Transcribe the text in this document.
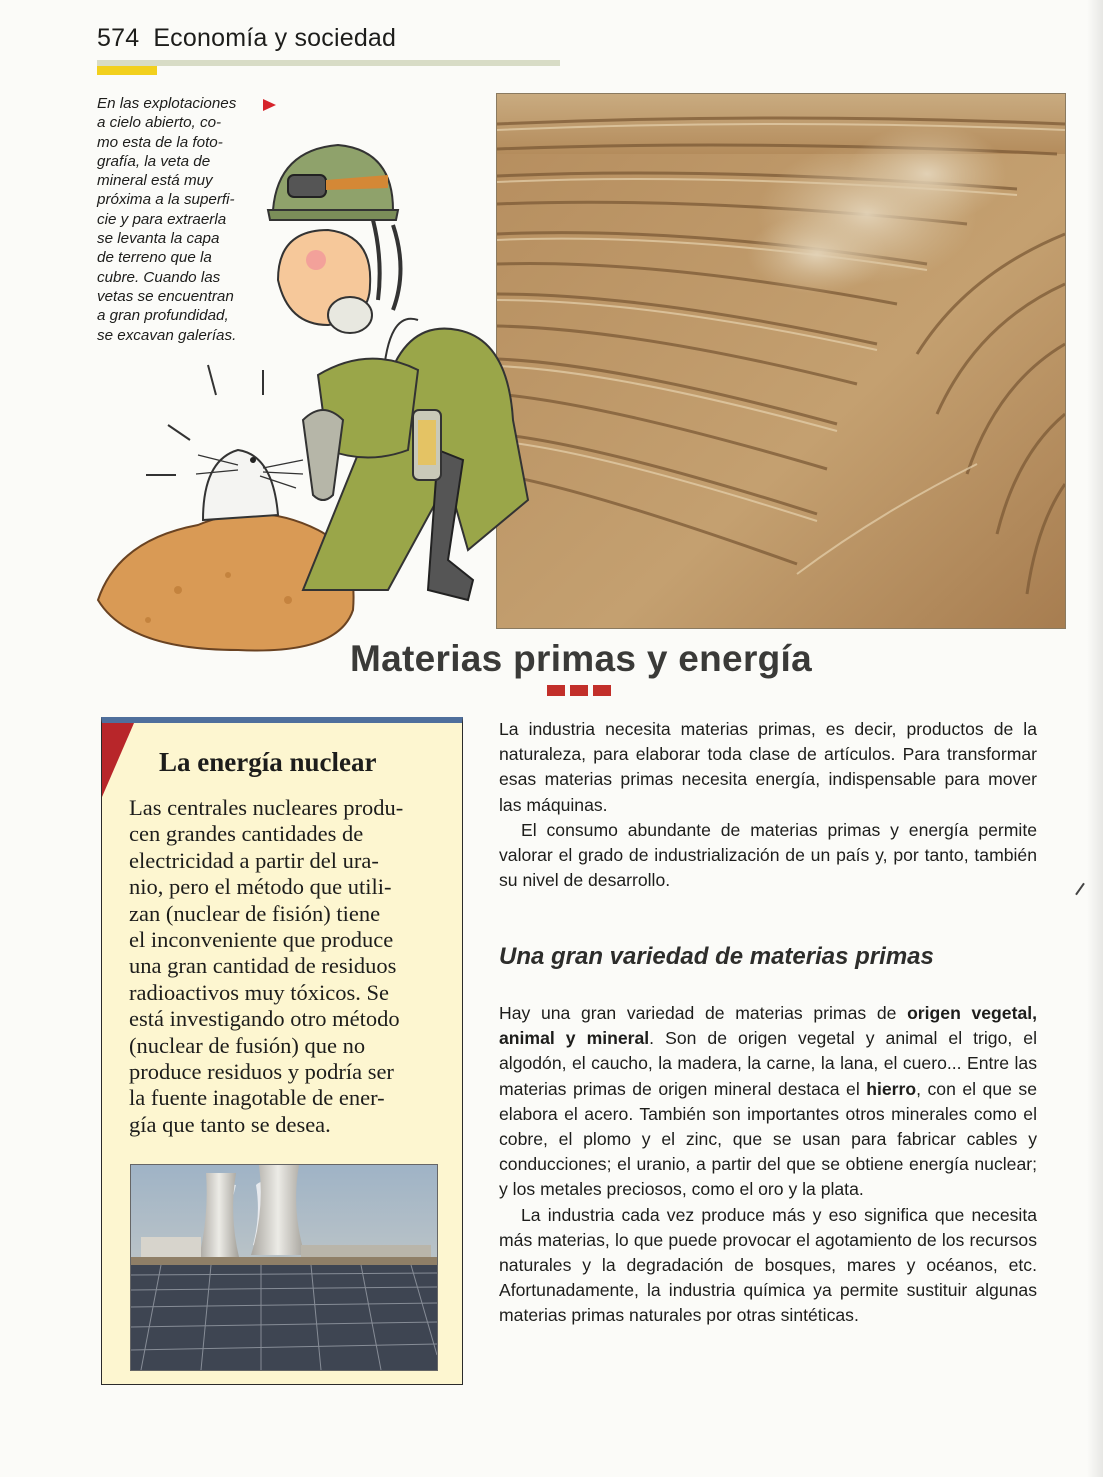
574 Economía y sociedad
En las explotaciones
a cielo abierto, co-
mo esta de la foto-
grafía, la veta de
mineral está muy
próxima a la superfi-
cie y para extraerla
se levanta la capa
de terreno que la
cubre. Cuando las
vetas se encuentran
a gran profundidad,
se excavan galerías.
Materias primas y energía
La energía nuclear
Las centrales nucleares produ-
cen grandes cantidades de
electricidad a partir del ura-
nio, pero el método que utili-
zan (nuclear de fisión) tiene
el inconveniente que produce
una gran cantidad de residuos
radioactivos muy tóxicos. Se
está investigando otro método
(nuclear de fusión) que no
produce residuos y podría ser
la fuente inagotable de ener-
gía que tanto se desea.

La industria necesita materias primas, es decir, productos de la naturaleza, para elaborar toda clase de artículos. Para transformar esas materias primas necesita energía, indispensable para mover las máquinas.

El consumo abundante de materias primas y energía permite valorar el grado de industrialización de un país y, por tanto, también su nivel de desarrollo.

Una gran variedad de materias primas

Hay una gran variedad de materias primas de origen vegetal, animal y mineral. Son de origen vegetal y animal el trigo, el algodón, el caucho, la madera, la carne, la lana, el cuero... Entre las materias primas de origen mineral destaca el hierro, con el que se elabora el acero. También son importantes otros minerales como el cobre, el plomo y el zinc, que se usan para fabricar cables y conducciones; el uranio, a partir del que se obtiene energía nuclear; y los metales preciosos, como el oro y la plata.

La industria cada vez produce más y eso significa que necesita más materias, lo que puede provocar el agotamiento de los recursos naturales y la degradación de bosques, mares y océanos, etc. Afortunadamente, la industria química ya permite sustituir algunas materias primas naturales por otras sintéticas.
